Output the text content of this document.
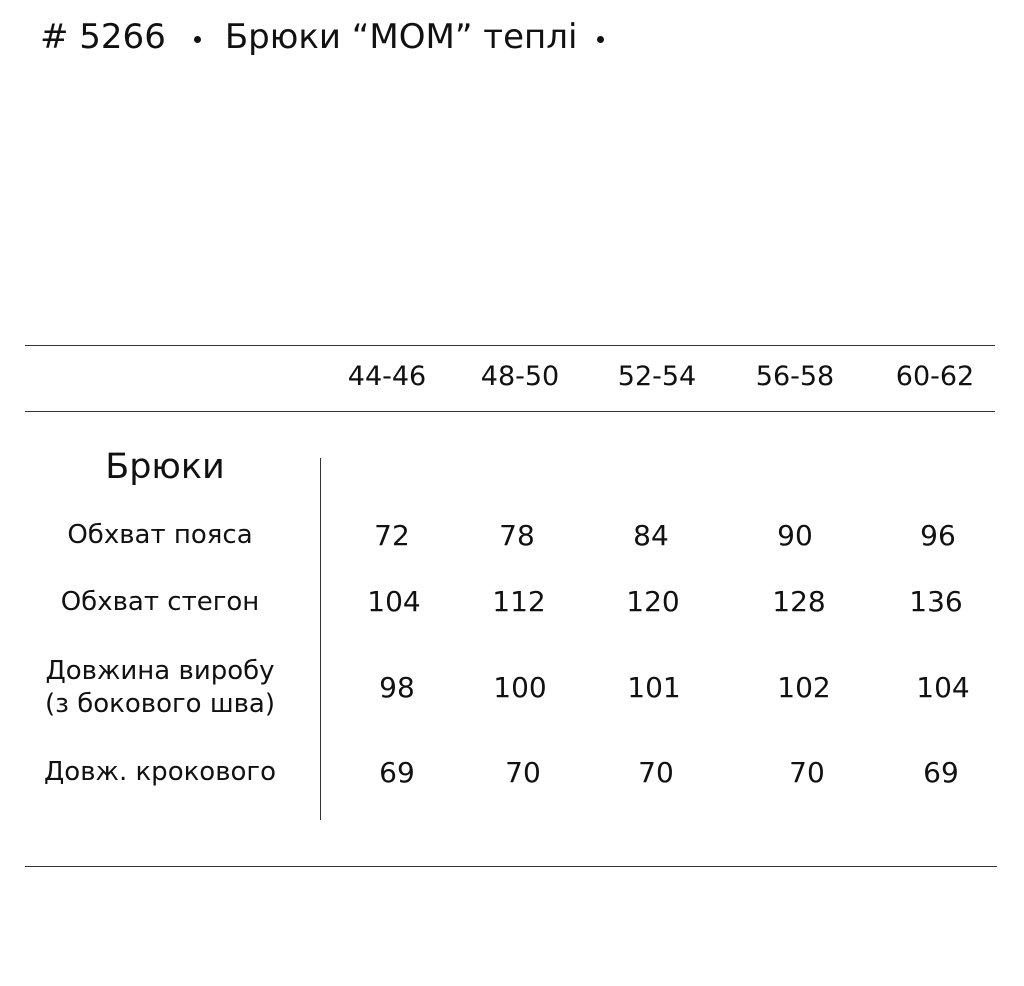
# 5266 Брюки “MOM” теплі
44-46	48-50	52-54	56-58	60-62
Брюки
Обхват пояса	72	78	84	90	96
Обхват стегон	104	112	120	128	136
Довжина виробу
(з бокового шва)	98	100	101	102	104
Довж. крокового	69	70	70	70	69
